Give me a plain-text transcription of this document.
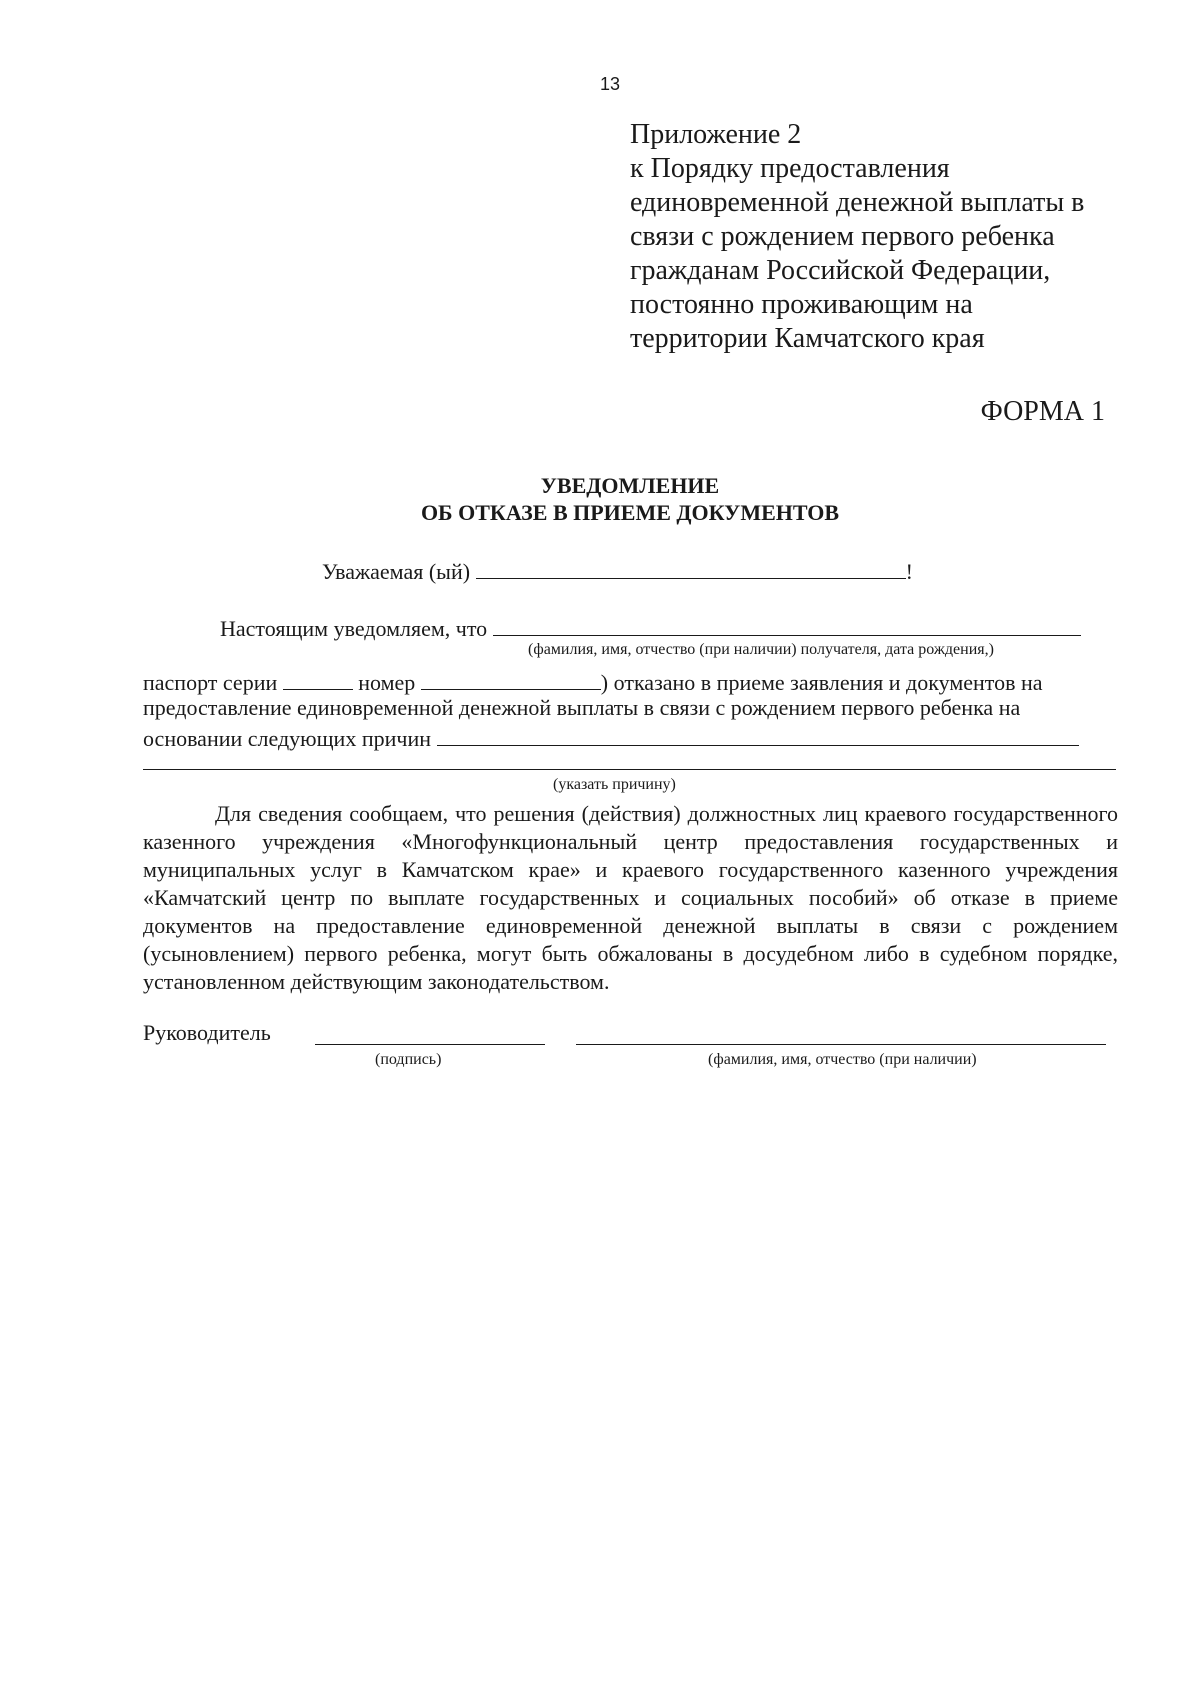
13
Приложение 2
к Порядку предоставления
единовременной денежной выплаты в
связи с рождением первого ребенка
гражданам Российской Федерации,
постоянно проживающим на
территории Камчатского края
ФОРМА 1
УВЕДОМЛЕНИЕ
ОБ ОТКАЗЕ В ПРИЕМЕ ДОКУМЕНТОВ
Уважаемая (ый)	!
Настоящим уведомляем, что
(фамилия, имя, отчество (при наличии) получателя, дата рождения,)
паспорт серии	номер	) отказано в приеме заявления и документов на
предоставление единовременной денежной выплаты в связи с рождением первого ребенка на
основании следующих причин
(указать причину)

Для сведения сообщаем, что решения (действия) должностных лиц краевого государственного казенного учреждения «Многофункциональный центр предоставления государственных и муниципальных услуг в Камчатском крае» и краевого государственного казенного учреждения «Камчатский центр по выплате государственных и социальных пособий» об отказе в приеме документов на предоставление единовременной денежной выплаты в связи с рождением (усыновлением) первого ребенка, могут быть обжалованы в досудебном либо в судебном порядке, установленном действующим законодательством.

Руководитель
(подпись)	(фамилия, имя, отчество (при наличии)
